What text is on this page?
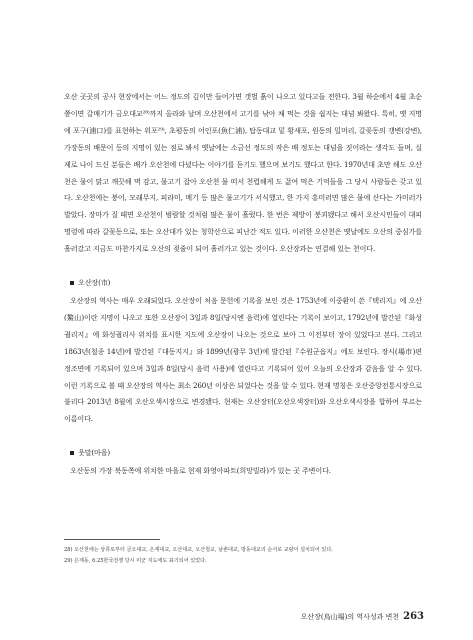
오산 곳곳의 공사 현장에서는 어느 정도의 깊이만 들어가면 갯벌 흙이 나오고 있다고들 전한다. 3월 하순에서 4월 초순쯤이면 갈매기가 금오대교²⁸⁾까지 올라와 날며 오산천에서 고기를 낚아 채 먹는 것을 쉽지는 대넘 봐왔다. 특히, 옛 지명에 포구(浦口)를 표현하는 위포²⁹⁾, 초평동의 어인포(魚仁浦), 탑동대교 밑 황새포, 원동의 밀머리, 갈꽂동의 갱변(강변), 가장동의 배문이 등의 지명이 있는 점로 봐서 옛날에는 소금선 정도의 작은 배 정도는 대넘을 짓어라는 생각도 들며, 실제로 나이 드신 분들은 배가 오산천에 다녔다는 이야기를 듣기도 했으며 보기도 했다고 한다. 1970년대 초만 해도 오산천은 물이 맑고 깨끗해 멱 감고, 물고기 잡아 오산천 물 떠서 천렵해게 도 끓여 먹은 기억들을 그 당시 사람들은 갖고 있다. 오산천에는 붕어, 모래무지, 피라미, 메기 등 많은 물고기가 서식했고, 한 가지 흥미러면 많은 물에 산다는 가미러가 발았다. 장마가 질 때면 오산천이 범람할 것처럼 많은 물이 흘렀다. 한 번은 제방이 붕괴됐다고 해서 오산시민들이 대피 명령에 따라 갈꽂동으로, 또는 오산대가 있는 청학산으로 피난간 적도 있다. 이러한 오산천은 옛날에도 오산의 중심가를 흘러갔고 지금도 마찬가지로 오산의 젖줄이 되어 흘러가고 있는 것이다. 오산장과는 연결해 있는 천이다.

오산장(市)

오산장의 역사는 매우 오래되었다. 오산장이 처음 문헌에 기록을 보인 것은 1753년에 이중환이 쓴『택리지』에 오산(鰲山)이란 지명이 나오고 또한 오산장이 3일과 8일(당시엔 음력)에 열린다는 기록이 보이고, 1792년에 발간된『화성궐리지』에 화성궐리사 위치를 표시한 지도에 오산장이 나오는 것으로 보아 그 이전부터 장이 있었다고 본다. 그리고 1863년(철종 14년)에 발간된『대동지지』와 1899년(광무 3년)에 발간된『수원군읍지』에도 보인다. 장시(場市)편 정조면에 기록되어 있으며 3일과 8일(당시 음력 사용)에 열린다고 기록되어 있어 오늘의 오산장과 같음을 알 수 있다. 이런 기록으로 볼 때 오산장의 역사는 최소 260년 이상은 되었다는 것을 알 수 있다. 현재 명칭은 오산중앙전통시장으로 불리다 2013년 8월에 오산오색시장으로 변경됐다. 현재는 오산장터(오산오색장터)와 오산오색시장을 합하여 부르는 이름이다.

웃말(마을)

오산동의 가장 북동쪽에 위치한 마을로 현재 화영아파트(희망빌라)가 있는 곳 주변이다.

28) 오산천에는 상류로부터 금오대교, 은계대교, 오산대교, 오산철교, 남촌대교, 방동대교의 순서로 교량이 설치되어 있다.
29) 은계동, 6.25한국전쟁 당시 미군 지도에도 표기되어 있었다.
오산장(烏山場)의 역사성과 변천 263
